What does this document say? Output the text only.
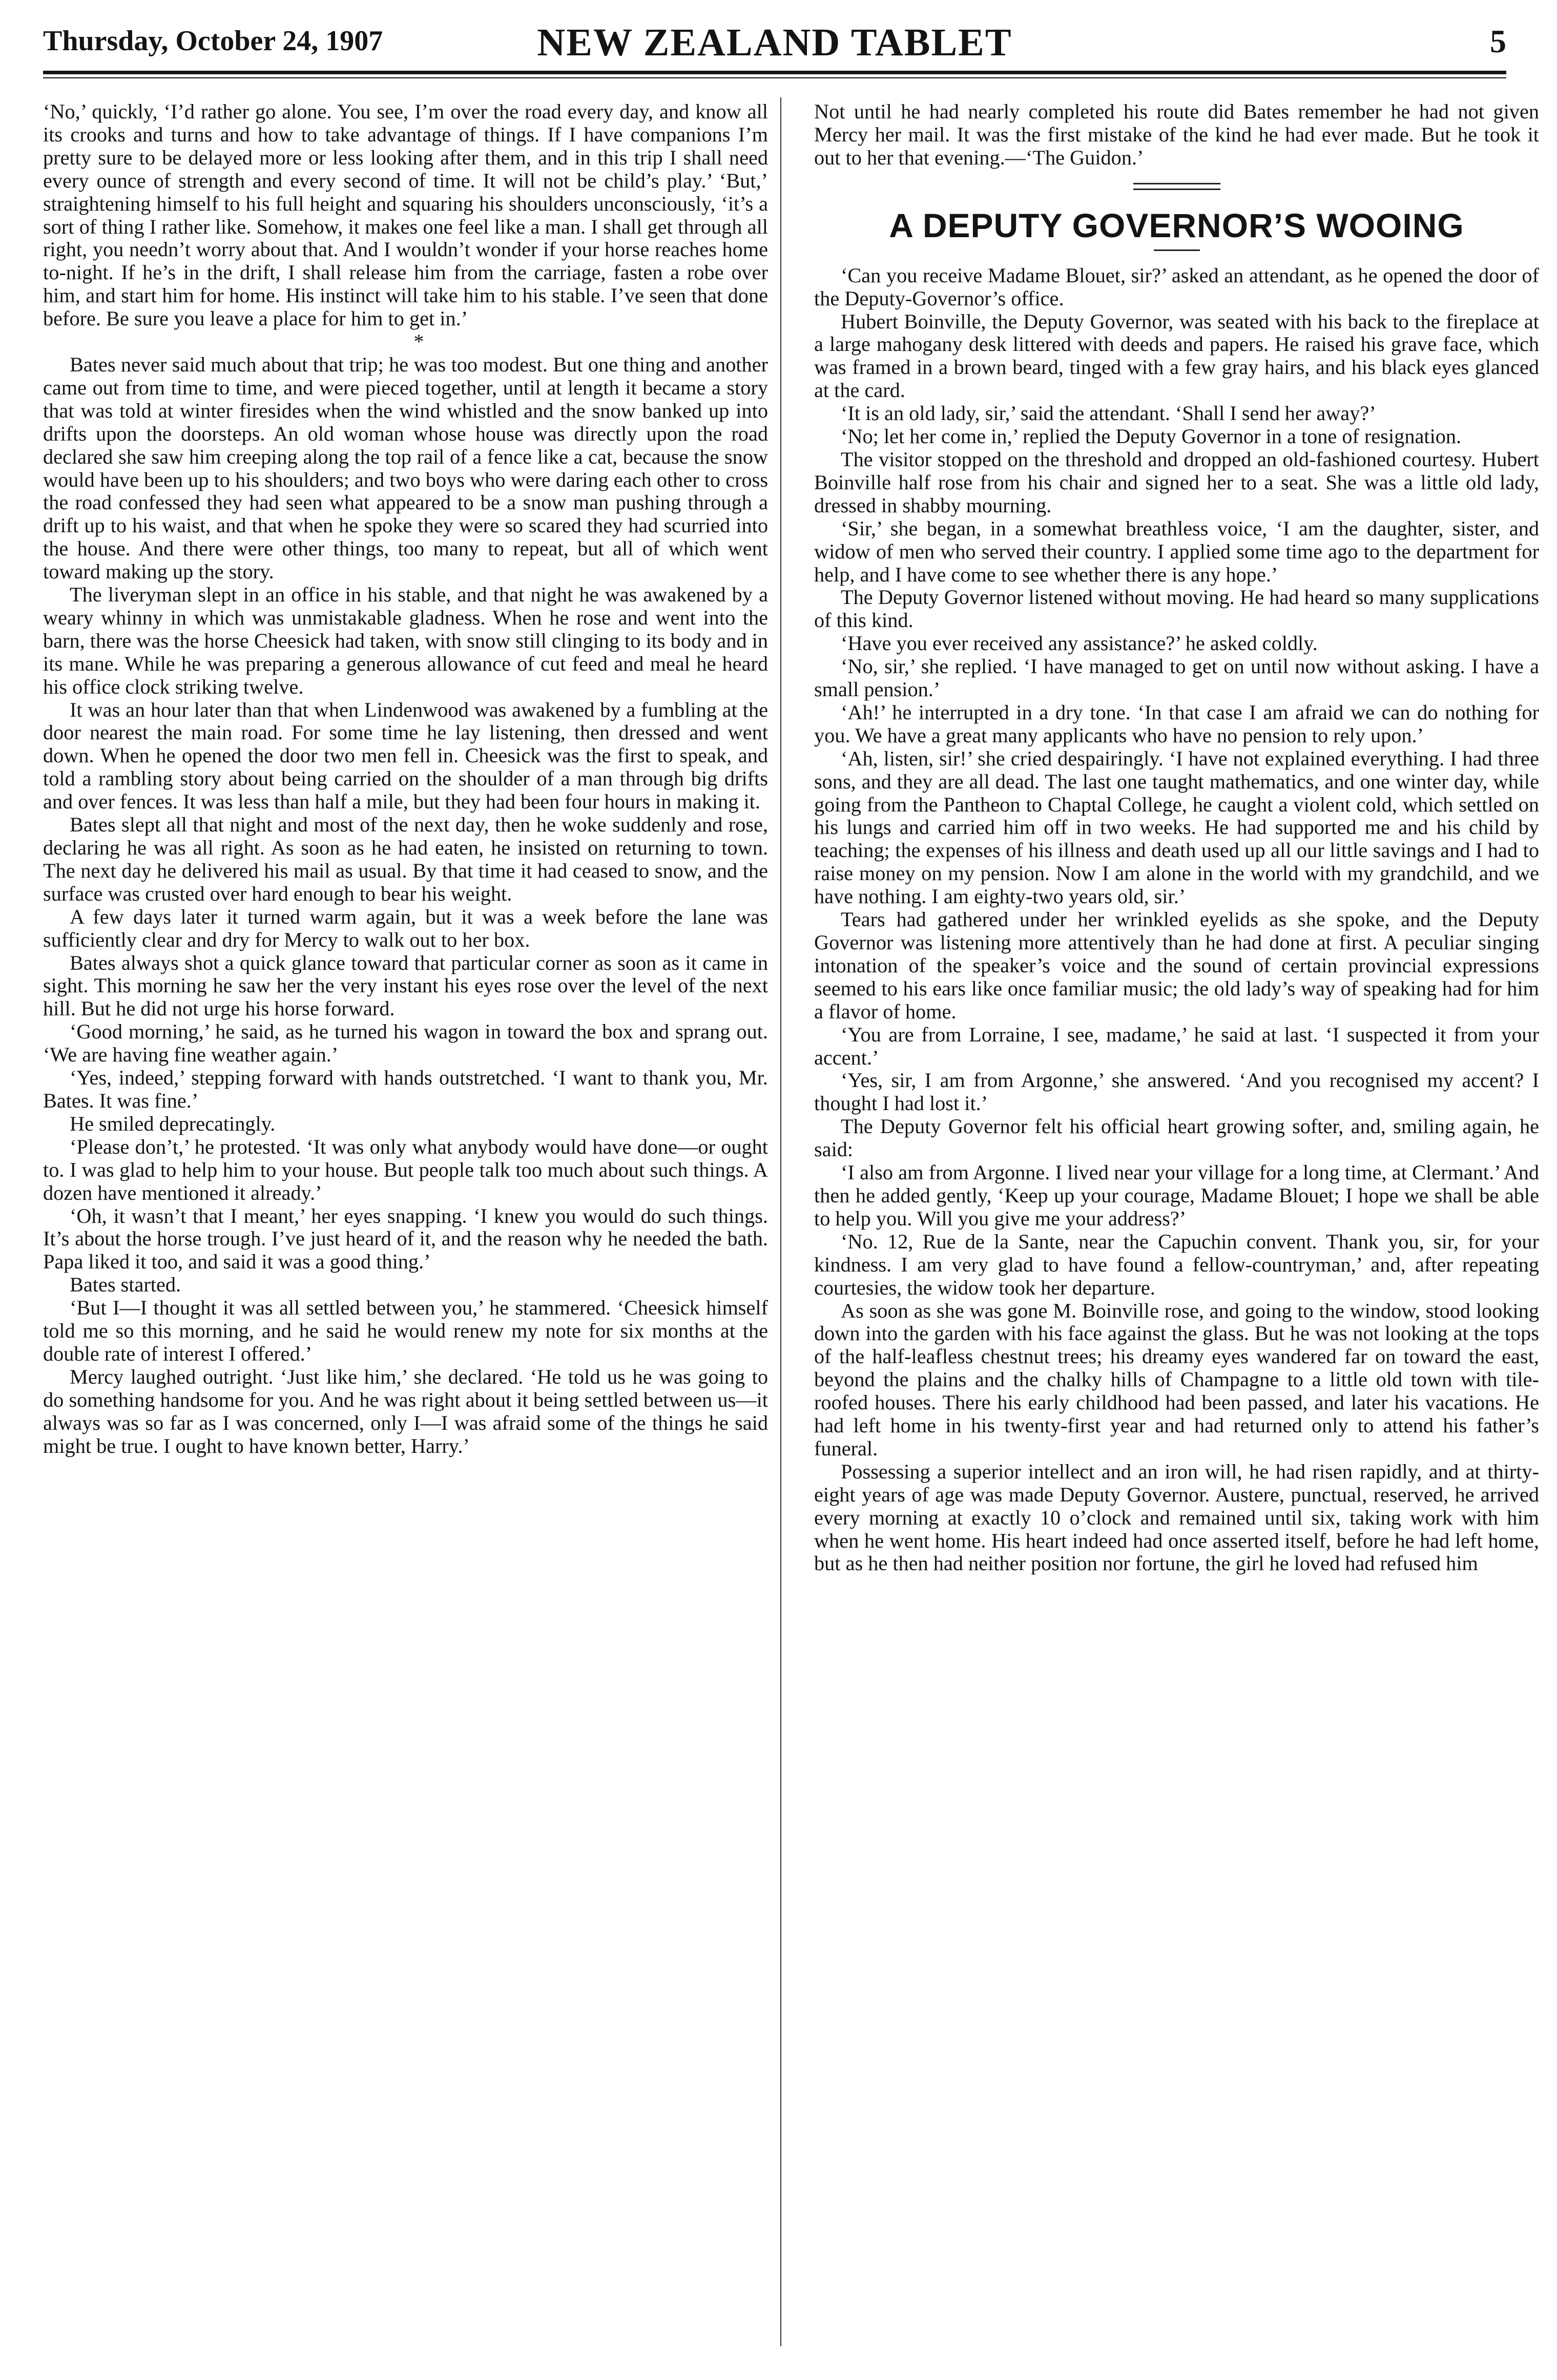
Thursday, October 24, 1907	NEW ZEALAND TABLET	5

‘No,’ quickly, ‘I’d rather go alone. You see, I’m over the road every day, and know all its crooks and turns and how to take advantage of things. If I have companions I’m pretty sure to be delayed more or less looking after them, and in this trip I shall need every ounce of strength and every second of time. It will not be child’s play.’ ‘But,’ straightening himself to his full height and squaring his shoulders unconsciously, ‘it’s a sort of thing I rather like. Somehow, it makes one feel like a man. I shall get through all right, you needn’t worry about that. And I wouldn’t wonder if your horse reaches home to-night. If he’s in the drift, I shall release him from the carriage, fasten a robe over him, and start him for home. His instinct will take him to his stable. I’ve seen that done before. Be sure you leave a place for him to get in.’

*

Bates never said much about that trip; he was too modest. But one thing and another came out from time to time, and were pieced together, until at length it became a story that was told at winter firesides when the wind whistled and the snow banked up into drifts upon the doorsteps. An old woman whose house was directly upon the road declared she saw him creeping along the top rail of a fence like a cat, because the snow would have been up to his shoulders; and two boys who were daring each other to cross the road confessed they had seen what appeared to be a snow man pushing through a drift up to his waist, and that when he spoke they were so scared they had scurried into the house. And there were other things, too many to repeat, but all of which went toward making up the story.

The liveryman slept in an office in his stable, and that night he was awakened by a weary whinny in which was unmistakable gladness. When he rose and went into the barn, there was the horse Cheesick had taken, with snow still clinging to its body and in its mane. While he was preparing a generous allowance of cut feed and meal he heard his office clock striking twelve.

It was an hour later than that when Lindenwood was awakened by a fumbling at the door nearest the main road. For some time he lay listening, then dressed and went down. When he opened the door two men fell in. Cheesick was the first to speak, and told a rambling story about being carried on the shoulder of a man through big drifts and over fences. It was less than half a mile, but they had been four hours in making it.

Bates slept all that night and most of the next day, then he woke suddenly and rose, declaring he was all right. As soon as he had eaten, he insisted on returning to town. The next day he delivered his mail as usual. By that time it had ceased to snow, and the surface was crusted over hard enough to bear his weight.

A few days later it turned warm again, but it was a week before the lane was sufficiently clear and dry for Mercy to walk out to her box.

Bates always shot a quick glance toward that particular corner as soon as it came in sight. This morning he saw her the very instant his eyes rose over the level of the next hill. But he did not urge his horse forward.

‘Good morning,’ he said, as he turned his wagon in toward the box and sprang out. ‘We are having fine weather again.’

‘Yes, indeed,’ stepping forward with hands outstretched. ‘I want to thank you, Mr. Bates. It was fine.’

He smiled deprecatingly.

‘Please don’t,’ he protested. ‘It was only what anybody would have done—or ought to. I was glad to help him to your house. But people talk too much about such things. A dozen have mentioned it already.’

‘Oh, it wasn’t that I meant,’ her eyes snapping. ‘I knew you would do such things. It’s about the horse trough. I’ve just heard of it, and the reason why he needed the bath. Papa liked it too, and said it was a good thing.’

Bates started.

‘But I—I thought it was all settled between you,’ he stammered. ‘Cheesick himself told me so this morning, and he said he would renew my note for six months at the double rate of interest I offered.’

Mercy laughed outright. ‘Just like him,’ she declared. ‘He told us he was going to do something handsome for you. And he was right about it being settled between us—it always was so far as I was concerned, only I—I was afraid some of the things he said might be true. I ought to have known better, Harry.’

Not until he had nearly completed his route did Bates remember he had not given Mercy her mail. It was the first mistake of the kind he had ever made. But he took it out to her that evening.—‘The Guidon.’

A DEPUTY GOVERNOR’S WOOING

‘Can you receive Madame Blouet, sir?’ asked an attendant, as he opened the door of the Deputy-Governor’s office.

Hubert Boinville, the Deputy Governor, was seated with his back to the fireplace at a large mahogany desk littered with deeds and papers. He raised his grave face, which was framed in a brown beard, tinged with a few gray hairs, and his black eyes glanced at the card.

‘It is an old lady, sir,’ said the attendant. ‘Shall I send her away?’

‘No; let her come in,’ replied the Deputy Governor in a tone of resignation.

The visitor stopped on the threshold and dropped an old-fashioned courtesy. Hubert Boinville half rose from his chair and signed her to a seat. She was a little old lady, dressed in shabby mourning.

‘Sir,’ she began, in a somewhat breathless voice, ‘I am the daughter, sister, and widow of men who served their country. I applied some time ago to the department for help, and I have come to see whether there is any hope.’

The Deputy Governor listened without moving. He had heard so many supplications of this kind.

‘Have you ever received any assistance?’ he asked coldly.

‘No, sir,’ she replied. ‘I have managed to get on until now without asking. I have a small pension.’

‘Ah!’ he interrupted in a dry tone. ‘In that case I am afraid we can do nothing for you. We have a great many applicants who have no pension to rely upon.’

‘Ah, listen, sir!’ she cried despairingly. ‘I have not explained everything. I had three sons, and they are all dead. The last one taught mathematics, and one winter day, while going from the Pantheon to Chaptal College, he caught a violent cold, which settled on his lungs and carried him off in two weeks. He had supported me and his child by teaching; the expenses of his illness and death used up all our little savings and I had to raise money on my pension. Now I am alone in the world with my grandchild, and we have nothing. I am eighty-two years old, sir.’

Tears had gathered under her wrinkled eyelids as she spoke, and the Deputy Governor was listening more attentively than he had done at first. A peculiar singing intonation of the speaker’s voice and the sound of certain provincial expressions seemed to his ears like once familiar music; the old lady’s way of speaking had for him a flavor of home.

‘You are from Lorraine, I see, madame,’ he said at last. ‘I suspected it from your accent.’

‘Yes, sir, I am from Argonne,’ she answered. ‘And you recognised my accent? I thought I had lost it.’

The Deputy Governor felt his official heart growing softer, and, smiling again, he said:

‘I also am from Argonne. I lived near your village for a long time, at Clermant.’ And then he added gently, ‘Keep up your courage, Madame Blouet; I hope we shall be able to help you. Will you give me your address?’

‘No. 12, Rue de la Sante, near the Capuchin convent. Thank you, sir, for your kindness. I am very glad to have found a fellow-countryman,’ and, after repeating courtesies, the widow took her departure.

As soon as she was gone M. Boinville rose, and going to the window, stood looking down into the garden with his face against the glass. But he was not looking at the tops of the half-leafless chestnut trees; his dreamy eyes wandered far on toward the east, beyond the plains and the chalky hills of Champagne to a little old town with tile-roofed houses. There his early childhood had been passed, and later his vacations. He had left home in his twenty-first year and had returned only to attend his father’s funeral.

Possessing a superior intellect and an iron will, he had risen rapidly, and at thirty-eight years of age was made Deputy Governor. Austere, punctual, reserved, he arrived every morning at exactly 10 o’clock and remained until six, taking work with him when he went home. His heart indeed had once asserted itself, before he had left home, but as he then had neither position nor fortune, the girl he loved had refused him
